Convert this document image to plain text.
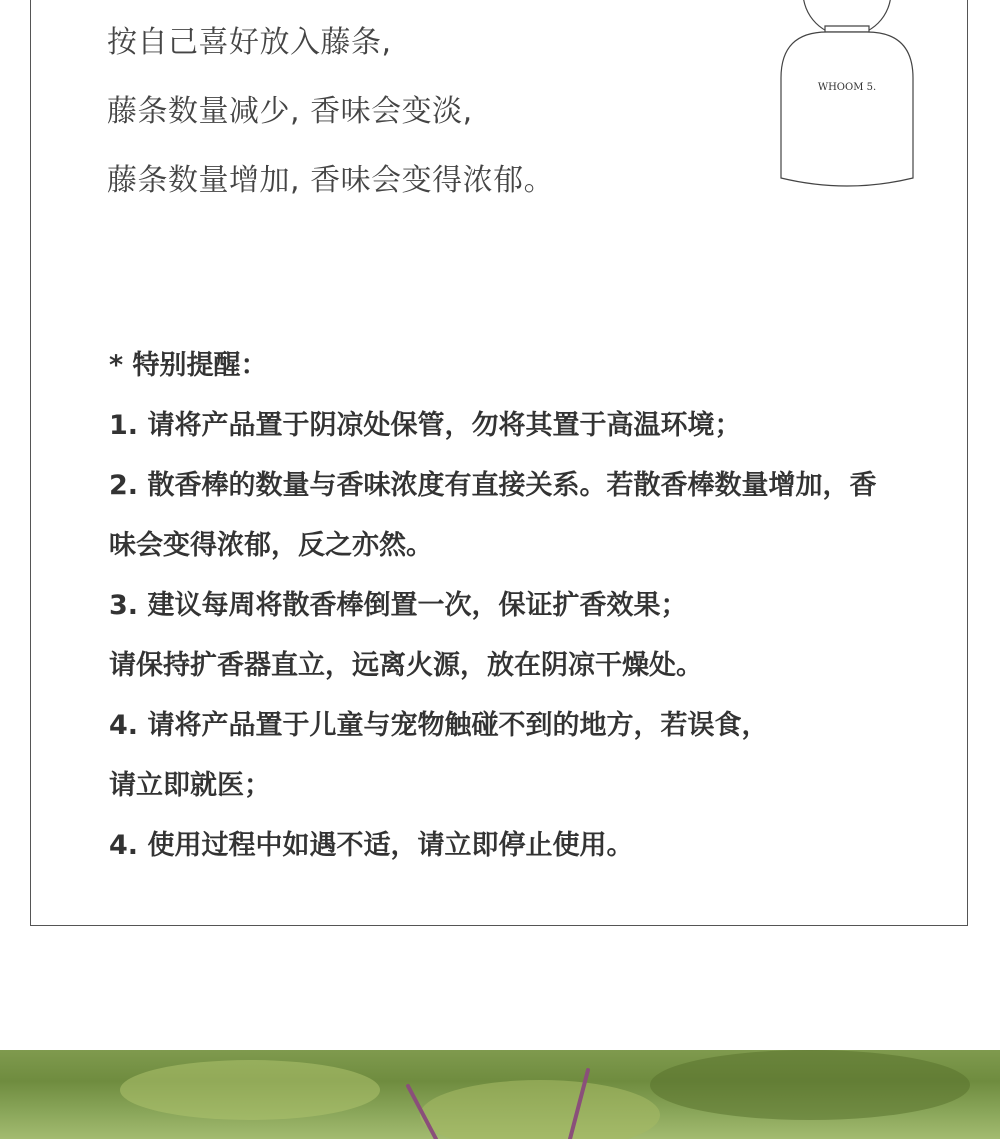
按自己喜好放入藤条,
藤条数量减少, 香味会变淡,
藤条数量增加, 香味会变得浓郁。
WHOOM 5.
* 特别提醒：
1. 请将产品置于阴凉处保管，勿将其置于高温环境；
2. 散香棒的数量与香味浓度有直接关系。若散香棒数量增加，香
味会变得浓郁，反之亦然。
3. 建议每周将散香棒倒置一次，保证扩香效果；
请保持扩香器直立，远离火源，放在阴凉干燥处。
4. 请将产品置于儿童与宠物触碰不到的地方，若误食，
请立即就医；
4. 使用过程中如遇不适，请立即停止使用。
